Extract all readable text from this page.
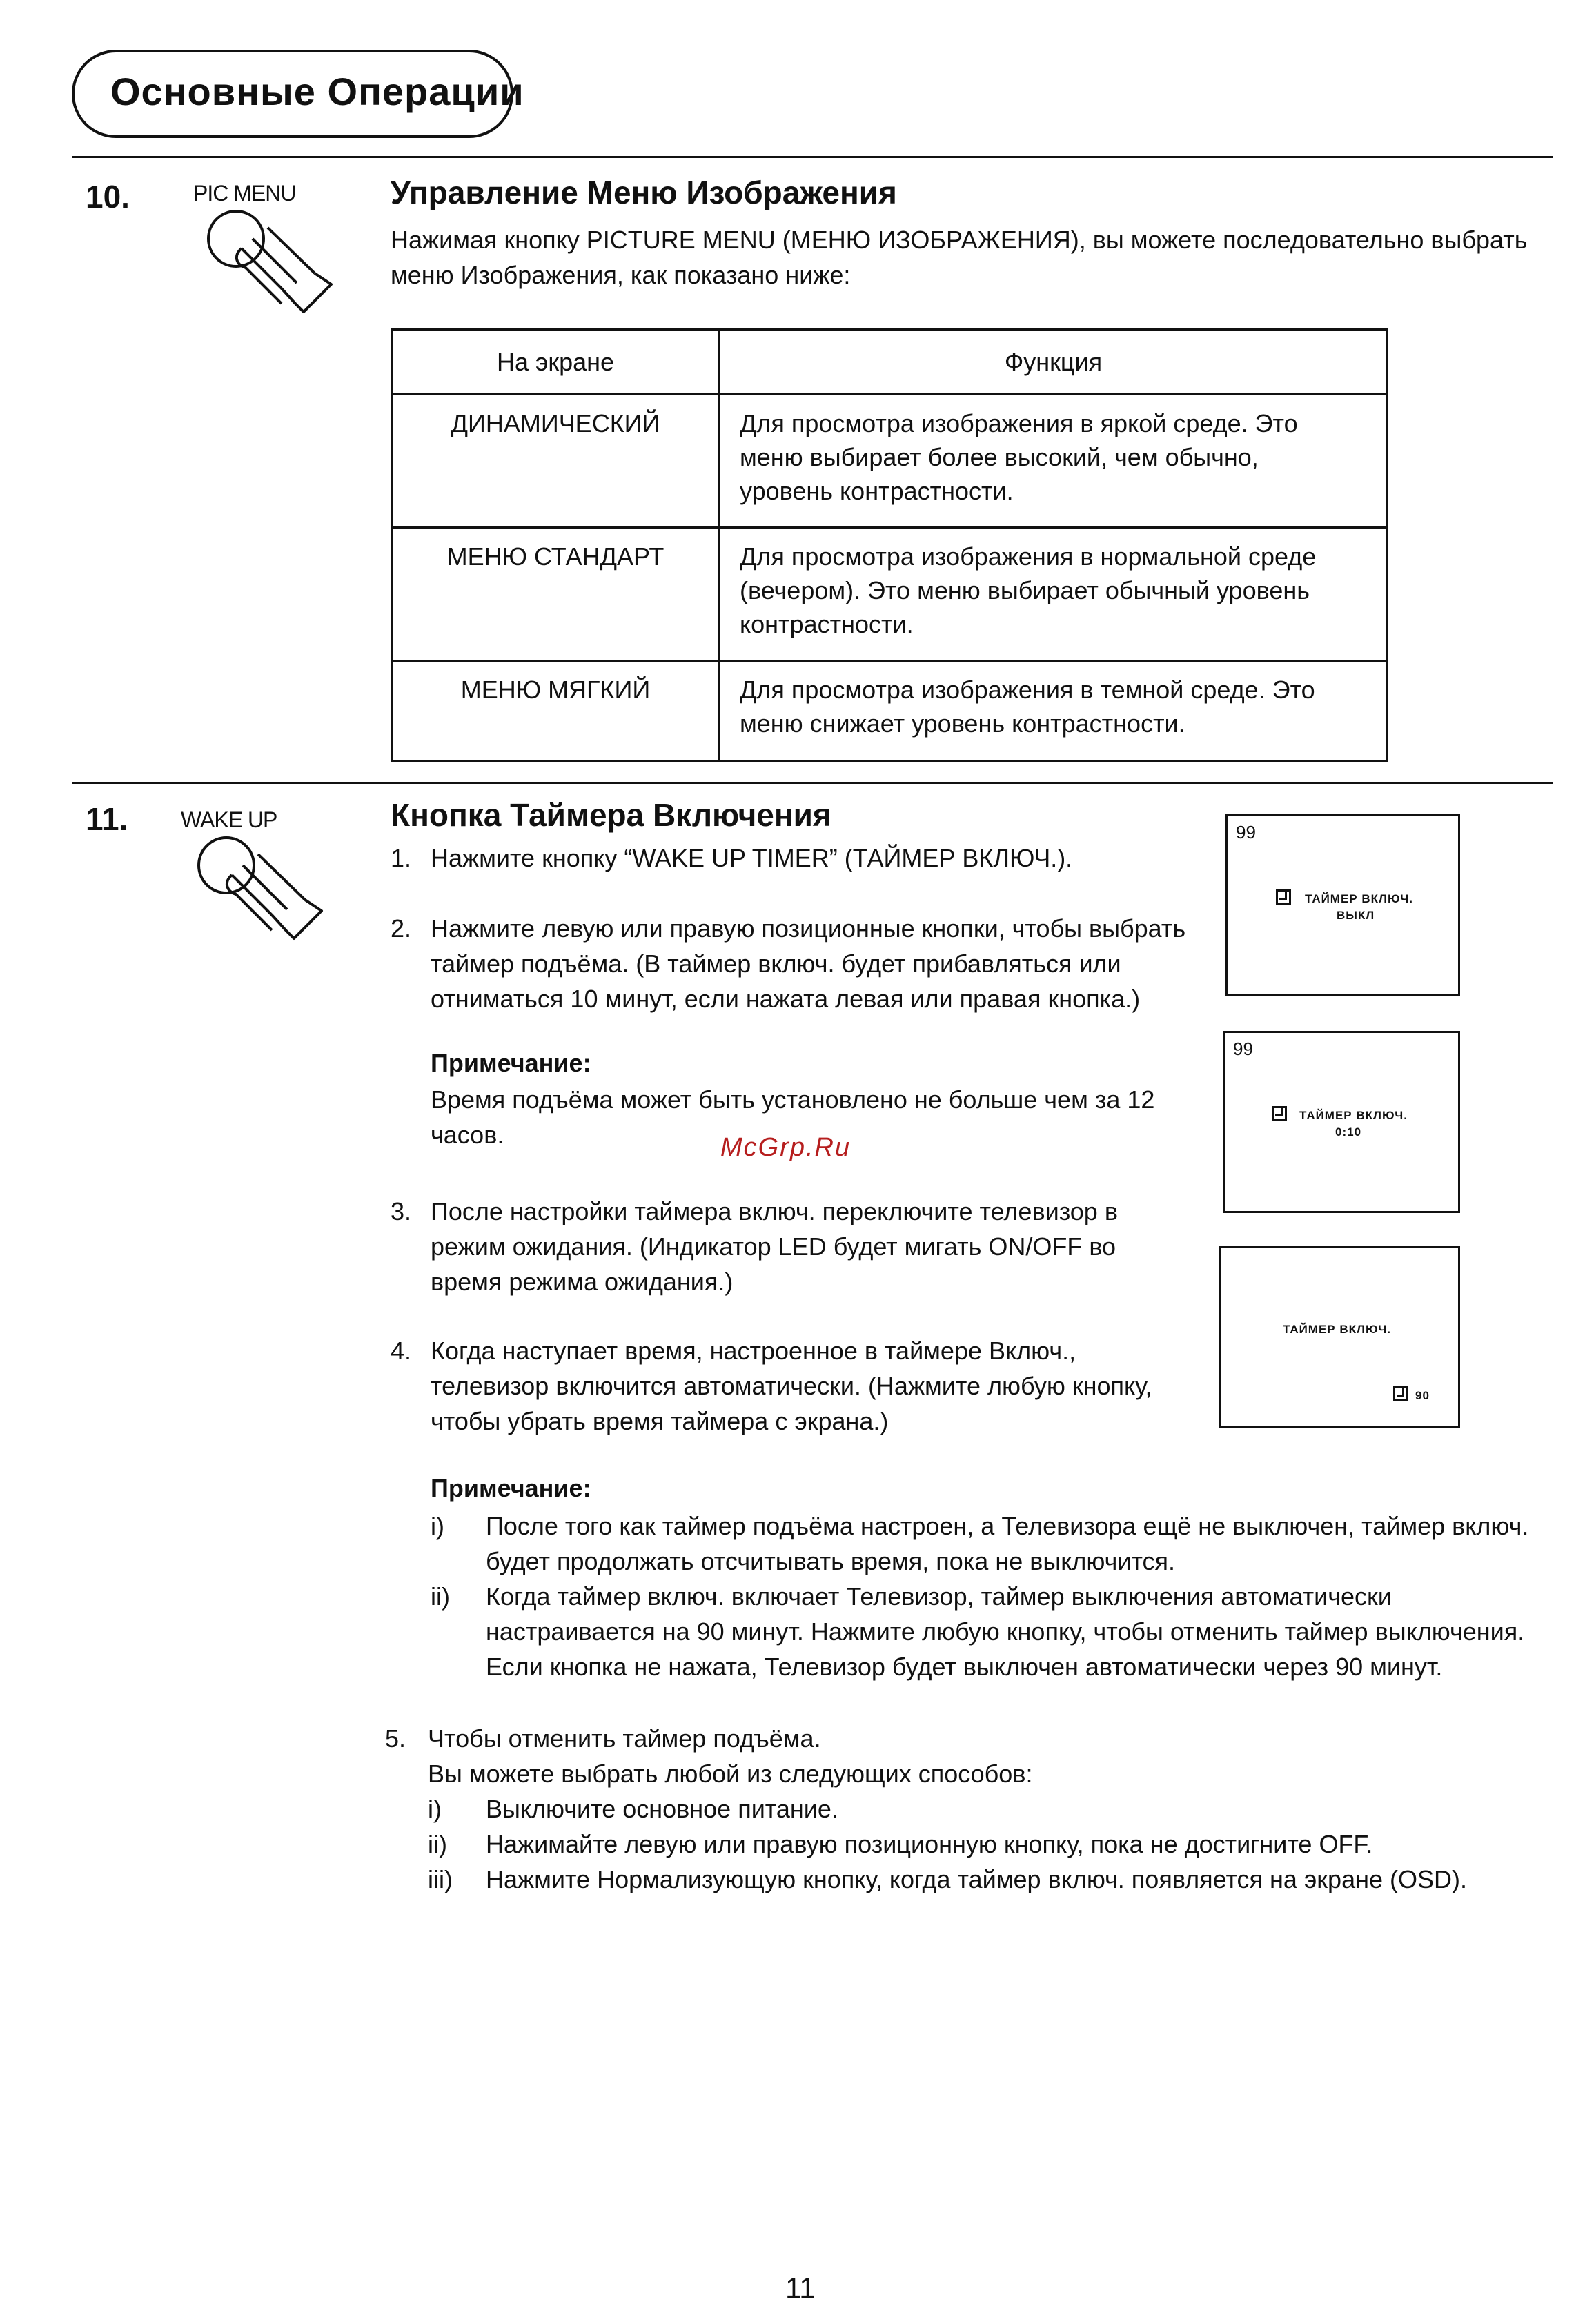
Основные Операции
10.	PIC MENU	Управление Меню Изображения
Нажимая кнопку PICTURE MENU (МЕНЮ ИЗОБРАЖЕНИЯ), вы можете последовательно выбрать
меню Изображения, как показано ниже:
На экране	Функция
ДИНАМИЧЕСКИЙ	Для просмотра изображения в яркой среде. Это
меню выбирает более высокий, чем обычно,
уровень контрастности.

МЕНЮ СТАНДАРТ	Для просмотра изображения в нормальной среде
(вечером). Это меню выбирает обычный уровень
контрастности.

МЕНЮ МЯГКИЙ	Для просмотра изображения в темной среде. Это
меню снижает уровень контрастности.
11. WAKE UP	Кнопка Таймера Включения
1. Нажмите кнопку “WAKE UP TIMER” (ТАЙМЕР ВКЛЮЧ.).
2. Нажмите левую или правую позиционные кнопки, чтобы выбрать
таймер подъёма. (В таймер включ. будет прибавляться или
отниматься 10 минут, если нажата левая или правая кнопка.)
Примечание:
Время подъёма может быть установлено не больше чем за 12
часов.	McGrp.Ru
3. После настройки таймера включ. переключите телевизор в
режим ожидания. (Индикатор LED будет мигать ON/OFF во
время режима ожидания.)
4. Когда наступает время, настроенное в таймере Включ.,
телевизор включится автоматически. (Нажмите любую кнопку,
чтобы убрать время таймера с экрана.)
Примечание:
i) После того как таймер подъёма настроен, а Телевизора ещё не выключен, таймер включ.
будет продолжать отсчитывать время, пока не выключится.
ii) Когда таймер включ. включает Телевизор, таймер выключения автоматически
настраивается на 90 минут. Нажмите любую кнопку, чтобы отменить таймер выключения.
Если кнопка не нажата, Телевизор будет выключен автоматически через 90 минут.
5. Чтобы отменить таймер подъёма.
Вы можете выбрать любой из следующих способов:
i) Выключите основное питание.
ii) Нажимайте левую или правую позиционную кнопку, пока не достигните OFF.
iii) Нажмите Нормализующую кнопку, когда таймер включ. появляется на экране (OSD).
99
ТАЙМЕР ВКЛЮЧ.
ВЫКЛ
99
ТАЙМЕР ВКЛЮЧ.
0:10
ТАЙМЕР ВКЛЮЧ.
90
11
